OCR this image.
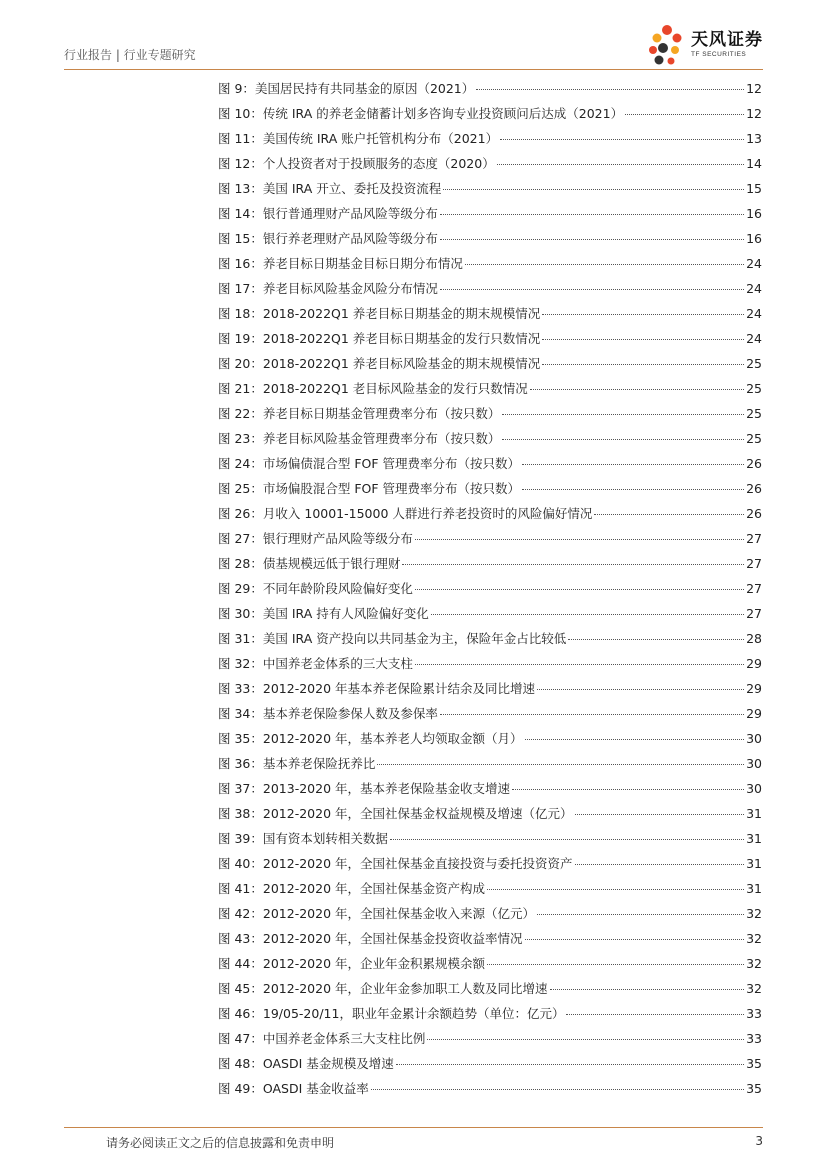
行业报告 | 行业专题研究
天风证券
TF SECURITIES
图 9： 美国居民持有共同基金的原因（2021）	12
图 10： 传统 IRA 的养老金储蓄计划多咨询专业投资顾问后达成（2021）	12
图 11： 美国传统 IRA 账户托管机构分布（2021）	13
图 12： 个人投资者对于投顾服务的态度（2020）	14
图 13： 美国 IRA 开立、委托及投资流程	15
图 14： 银行普通理财产品风险等级分布	16
图 15： 银行养老理财产品风险等级分布	16
图 16： 养老目标日期基金目标日期分布情况	24
图 17： 养老目标风险基金风险分布情况	24
图 18： 2018-2022Q1 养老目标日期基金的期末规模情况	24
图 19： 2018-2022Q1 养老目标日期基金的发行只数情况	24
图 20： 2018-2022Q1 养老目标风险基金的期末规模情况	25
图 21： 2018-2022Q1 老目标风险基金的发行只数情况	25
图 22： 养老目标日期基金管理费率分布（按只数）	25
图 23： 养老目标风险基金管理费率分布（按只数）	25
图 24： 市场偏债混合型 FOF 管理费率分布（按只数）	26
图 25： 市场偏股混合型 FOF 管理费率分布（按只数）	26
图 26： 月收入 10001-15000 人群进行养老投资时的风险偏好情况	26
图 27： 银行理财产品风险等级分布	27
图 28： 债基规模远低于银行理财	27
图 29： 不同年龄阶段风险偏好变化	27
图 30： 美国 IRA 持有人风险偏好变化	27
图 31： 美国 IRA 资产投向以共同基金为主，保险年金占比较低	28
图 32： 中国养老金体系的三大支柱	29
图 33： 2012-2020 年基本养老保险累计结余及同比增速	29
图 34： 基本养老保险参保人数及参保率	29
图 35： 2012-2020 年，基本养老人均领取金额（月）	30
图 36： 基本养老保险抚养比	30
图 37： 2013-2020 年，基本养老保险基金收支增速	30
图 38： 2012-2020 年，全国社保基金权益规模及增速（亿元）	31
图 39： 国有资本划转相关数据	31
图 40： 2012-2020 年，全国社保基金直接投资与委托投资资产	31
图 41： 2012-2020 年，全国社保基金资产构成	31
图 42： 2012-2020 年，全国社保基金收入来源（亿元）	32
图 43： 2012-2020 年，全国社保基金投资收益率情况	32
图 44： 2012-2020 年，企业年金积累规模余额	32
图 45： 2012-2020 年，企业年金参加职工人数及同比增速	32
图 46： 19/05-20/11，职业年金累计余额趋势（单位：亿元）	33
图 47： 中国养老金体系三大支柱比例	33
图 48： OASDI 基金规模及增速	35
图 49： OASDI 基金收益率	35
请务必阅读正文之后的信息披露和免责申明	3
